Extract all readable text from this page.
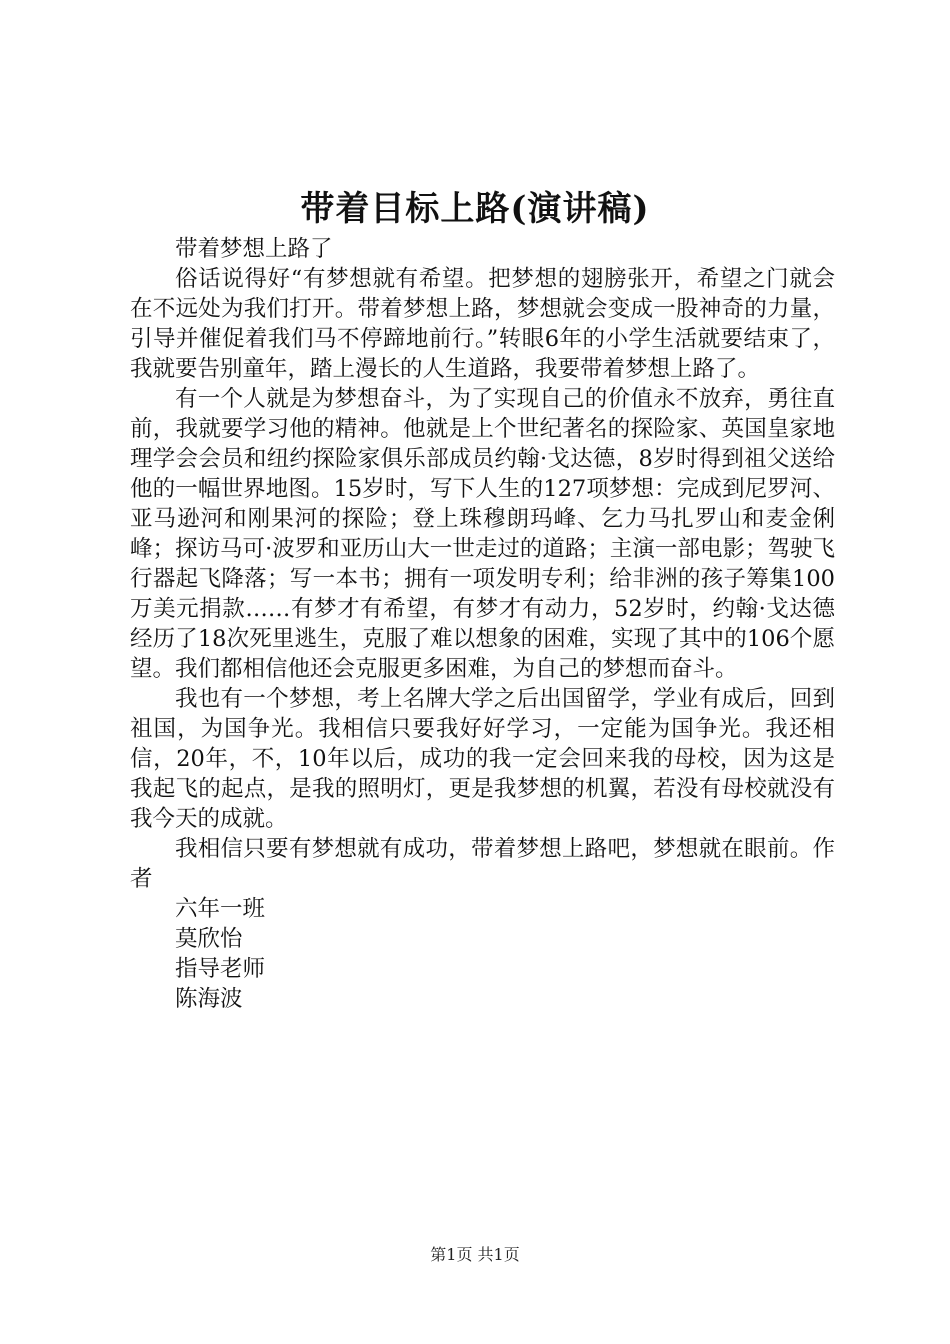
带着目标上路(演讲稿)

带着梦想上路了

俗话说得好“有梦想就有希望。把梦想的翅膀张开，希望之门就会在不远处为我们打开。带着梦想上路，梦想就会变成一股神奇的力量，引导并催促着我们马不停蹄地前行。”转眼6年的小学生活就要结束了，我就要告别童年，踏上漫长的人生道路，我要带着梦想上路了。

有一个人就是为梦想奋斗，为了实现自己的价值永不放弃，勇往直前，我就要学习他的精神。他就是上个世纪著名的探险家、英国皇家地理学会会员和纽约探险家俱乐部成员约翰·戈达德，8岁时得到祖父送给他的一幅世界地图。15岁时，写下人生的127项梦想：完成到尼罗河、亚马逊河和刚果河的探险；登上珠穆朗玛峰、乞力马扎罗山和麦金俐峰；探访马可·波罗和亚历山大一世走过的道路；主演一部电影；驾驶飞行器起飞降落；写一本书；拥有一项发明专利；给非洲的孩子筹集100万美元捐款……有梦才有希望，有梦才有动力，52岁时，约翰·戈达德经历了18次死里逃生，克服了难以想象的困难，实现了其中的106个愿望。我们都相信他还会克服更多困难，为自己的梦想而奋斗。

我也有一个梦想，考上名牌大学之后出国留学，学业有成后，回到祖国，为国争光。我相信只要我好好学习，一定能为国争光。我还相信，20年，不，10年以后，成功的我一定会回来我的母校，因为这是我起飞的起点，是我的照明灯，更是我梦想的机翼，若没有母校就没有我今天的成就。

我相信只要有梦想就有成功，带着梦想上路吧，梦想就在眼前。作者

六年一班

莫欣怡

指导老师

陈海波

第1页 共1页
